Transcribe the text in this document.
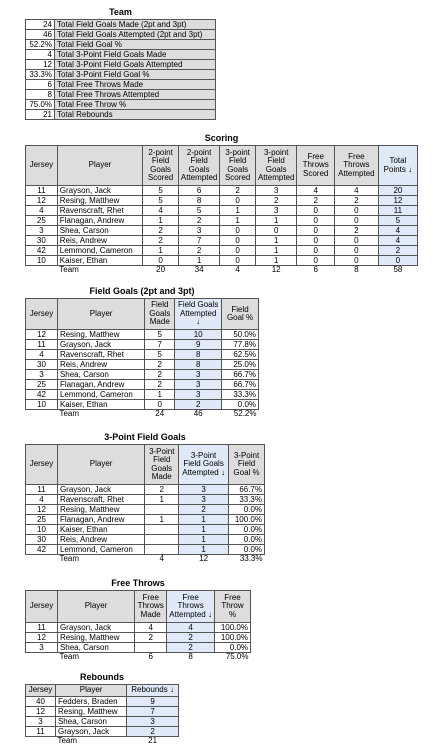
Team
24	Total Field Goals Made (2pt and 3pt)
46	Total Field Goals Attempted (2pt and 3pt)
52.2%	Total Field Goal %
4	Total 3-Point Field Goals Made
12	Total 3-Point Field Goals Attempted
33.3%	Total 3-Point Field Goal %
6	Total Free Throws Made
8	Total Free Throws Attempted
75.0%	Total Free Throw %
21	Total Rebounds
Scoring
Jersey	Player	2-point Field Goals Scored	2-point Field Goals Attempted	3-point Field Goals Scored	3-point Field Goals Attempted	Free Throws Scored	Free Throws Attempted	Total Points ↓
11	Grayson, Jack	5	6	2	3	4	4	20
12	Resing, Matthew	5	8	0	2	2	2	12
4	Ravenscraft, Rhet	4	5	1	3	0	0	11
25	Flanagan, Andrew	1	2	1	1	0	0	5
3	Shea, Carson	2	3	0	0	0	2	4
30	Reis, Andrew	2	7	0	1	0	0	4
42	Lemmond, Cameron	1	2	0	1	0	0	2
10	Kaiser, Ethan	0	1	0	1	0	0	0
	Team	20	34	4	12	6	8	58
Field Goals (2pt and 3pt)
Jersey	Player	Field Goals Made	Field Goals Attempted ↓	Field Goal %
12	Resing, Matthew	5	10	50.0%
11	Grayson, Jack	7	9	77.8%
4	Ravenscraft, Rhet	5	8	62.5%
30	Reis, Andrew	2	8	25.0%
3	Shea, Carson	2	3	66.7%
25	Flanagan, Andrew	2	3	66.7%
42	Lemmond, Cameron	1	3	33.3%
10	Kaiser, Ethan	0	2	0.0%
	Team	24	46	52.2%
3-Point Field Goals
Jersey	Player	3-Point Field Goals Made	3-Point Field Goals Attempted ↓	3-Point Field Goal %
11	Grayson, Jack	2	3	66.7%
4	Ravenscraft, Rhet	1	3	33.3%
12	Resing, Matthew		2	0.0%
25	Flanagan, Andrew	1	1	100.0%
10	Kaiser, Ethan		1	0.0%
30	Reis, Andrew		1	0.0%
42	Lemmond, Cameron		1	0.0%
	Team	4	12	33.3%
Free Throws
Jersey	Player	Free Throws Made	Free Throws Attempted ↓	Free Throw %
11	Grayson, Jack	4	4	100.0%
12	Resing, Matthew	2	2	100.0%
3	Shea, Carson		2	0.0%
	Team	6	8	75.0%
Rebounds
Jersey	Player	Rebounds ↓
40	Fedders, Braden	9
12	Resing, Matthew	7
3	Shea, Carson	3
11	Grayson, Jack	2
	Team	21
